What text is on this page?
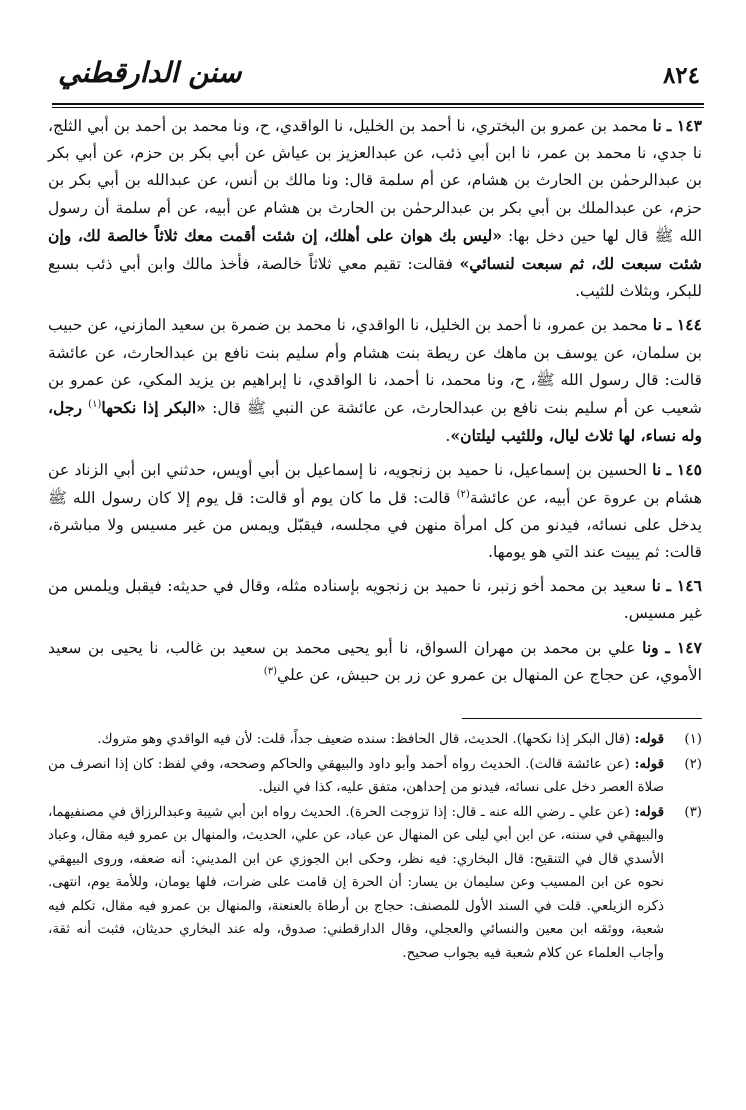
٨٢٤
سنن الدارقطني

١٤٣ ـ نا محمد بن عمرو بن البختري، نا أحمد بن الخليل، نا الواقدي، ح، ونا محمد بن أحمد بن أبي الثلج، نا جدي، نا محمد بن عمر، نا ابن أبي ذئب، عن عبدالعزيز بن عياش عن أبي بكر بن حزم، عن أبي بكر بن عبدالرحمٰن بن الحارث بن هشام، عن أم سلمة قال: ونا مالك بن أنس، عن عبدالله بن أبي بكر بن حزم، عن عبدالملك بن أبي بكر بن عبدالرحمٰن بن الحارث بن هشام عن أبيه، عن أم سلمة أن رسول الله ﷺ قال لها حين دخل بها: «ليس بك هوان على أهلك، إن شئت أقمت معك ثلاثاً خالصة لك، وإن شئت سبعت لك، ثم سبعت لنسائي» فقالت: تقيم معي ثلاثاً خالصة، فأخذ مالك وابن أبي ذئب بسبع للبكر، وبثلاث للثيب.

١٤٤ ـ نا محمد بن عمرو، نا أحمد بن الخليل، نا الواقدي، نا محمد بن ضمرة بن سعيد المازني، عن حبيب بن سلمان، عن يوسف بن ماهك عن ريطة بنت هشام وأم سليم بنت نافع بن عبدالحارث، عن عائشة قالت: قال رسول الله ﷺ، ح، ونا محمد، نا أحمد، نا الواقدي، نا إبراهيم بن يزيد المكي، عن عمرو بن شعيب عن أم سليم بنت نافع بن عبدالحارث، عن عائشة عن النبي ﷺ قال: «البكر إذا نكحها$^{(١)}$ رجل، وله نساء، لها ثلاث ليال، وللثيب ليلتان».

١٤٥ ـ نا الحسين بن إسماعيل، نا حميد بن زنجويه، نا إسماعيل بن أبي أويس، حدثني ابن أبي الزناد عن هشام بن عروة عن أبيه، عن عائشة$^{(٢)}$ قالت: قل ما كان يوم أو قالت: قل يوم إلا كان رسول الله ﷺ يدخل على نسائه، فيدنو من كل امرأة منهن في مجلسه، فيقبّل ويمس من غير مسيس ولا مباشرة، قالت: ثم يبيت عند التي هو يومها.

١٤٦ ـ نا سعيد بن محمد أخو زنبر، نا حميد بن زنجويه بإسناده مثله، وقال في حديثه: فيقبل ويلمس من غير مسيس.

١٤٧ ـ ونا علي بن محمد بن مهران السواق، نا أبو يحيى محمد بن سعيد بن غالب، نا يحيى بن سعيد الأموي، عن حجاج عن المنهال بن عمرو عن زر بن حبيش، عن علي$^{(٣)}$

(١)
قوله: (قال البكر إذا نكحها). الحديث، قال الحافظ: سنده ضعيف جداً، قلت: لأن فيه الواقدي وهو متروك.
(٢)
قوله: (عن عائشة قالت). الحديث رواه أحمد وأبو داود والبيهقي والحاكم وصححه، وفي لفظ: كان إذا انصرف من صلاة العصر دخل على نسائه، فيدنو من إحداهن، متفق عليه، كذا في النيل.
(٣)
قوله: (عن علي ـ رضي الله عنه ـ قال: إذا تزوجت الحرة). الحديث رواه ابن أبي شيبة وعبدالرزاق في مصنفيهما، والبيهقي في سننه، عن ابن أبي ليلى عن المنهال عن عباد، عن علي، الحديث، والمنهال بن عمرو فيه مقال، وعباد الأسدي قال في التنقيح: قال البخاري: فيه نظر، وحكى ابن الجوزي عن ابن المديني: أنه ضعفه، وروى البيهقي نحوه عن ابن المسيب وعن سليمان بن يسار: أن الحرة إن قامت على ضرات، فلها يومان، وللأمة يوم، انتهى. ذكره الزيلعي. قلت في السند الأول للمصنف: حجاج بن أرطاة بالعنعنة، والمنهال بن عمرو فيه مقال، تكلم فيه شعبة، ووثقه ابن معين والنسائي والعجلي، وقال الدارقطني: صدوق، وله عند البخاري حديثان، فثبت أنه ثقة، وأجاب العلماء عن كلام شعبة فيه بجواب صحيح.
